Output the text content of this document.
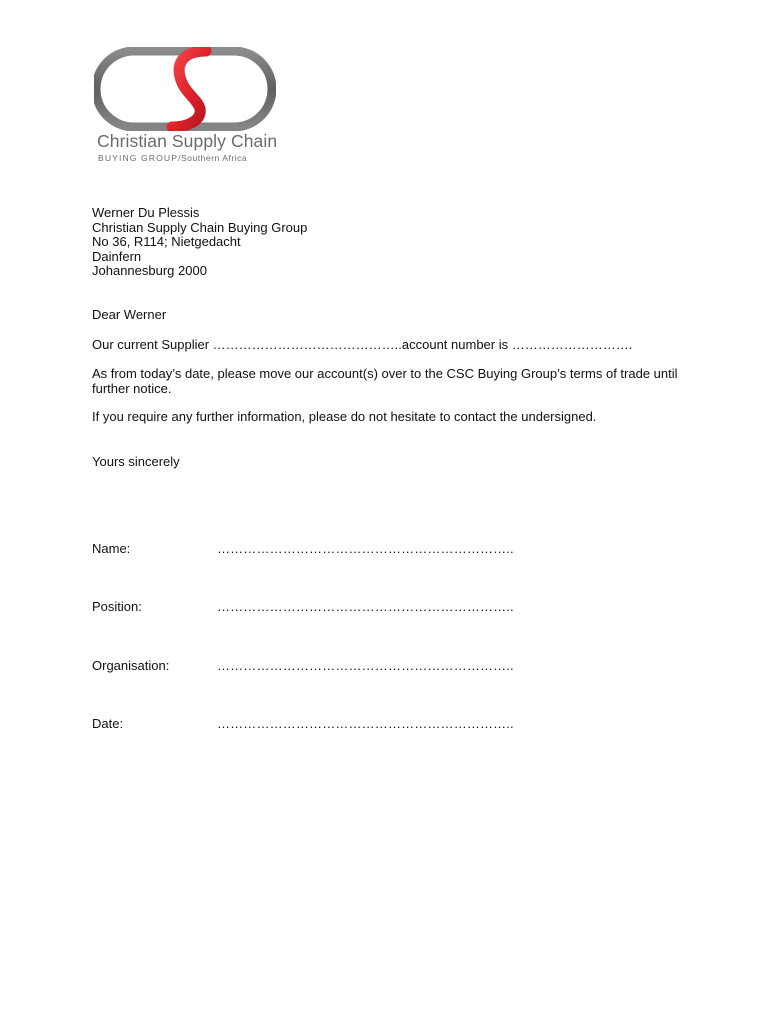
Christian Supply Chain
BUYING GROUP/Southern Africa
Werner Du Plessis
Christian Supply Chain Buying Group
No 36, R114; Nietgedacht
Dainfern
Johannesburg 2000
Dear Werner
Our current Supplier ……………………………………..account number is ……………………….
As from today’s date, please move our account(s) over to the CSC Buying Group’s terms of trade until further notice.
If you require any further information, please do not hesitate to contact the undersigned.
Yours sincerely
Name:	…………………………………………………………..
Position:	…………………………………………………………..
Organisation:	…………………………………………………………..
Date:	…………………………………………………………..
